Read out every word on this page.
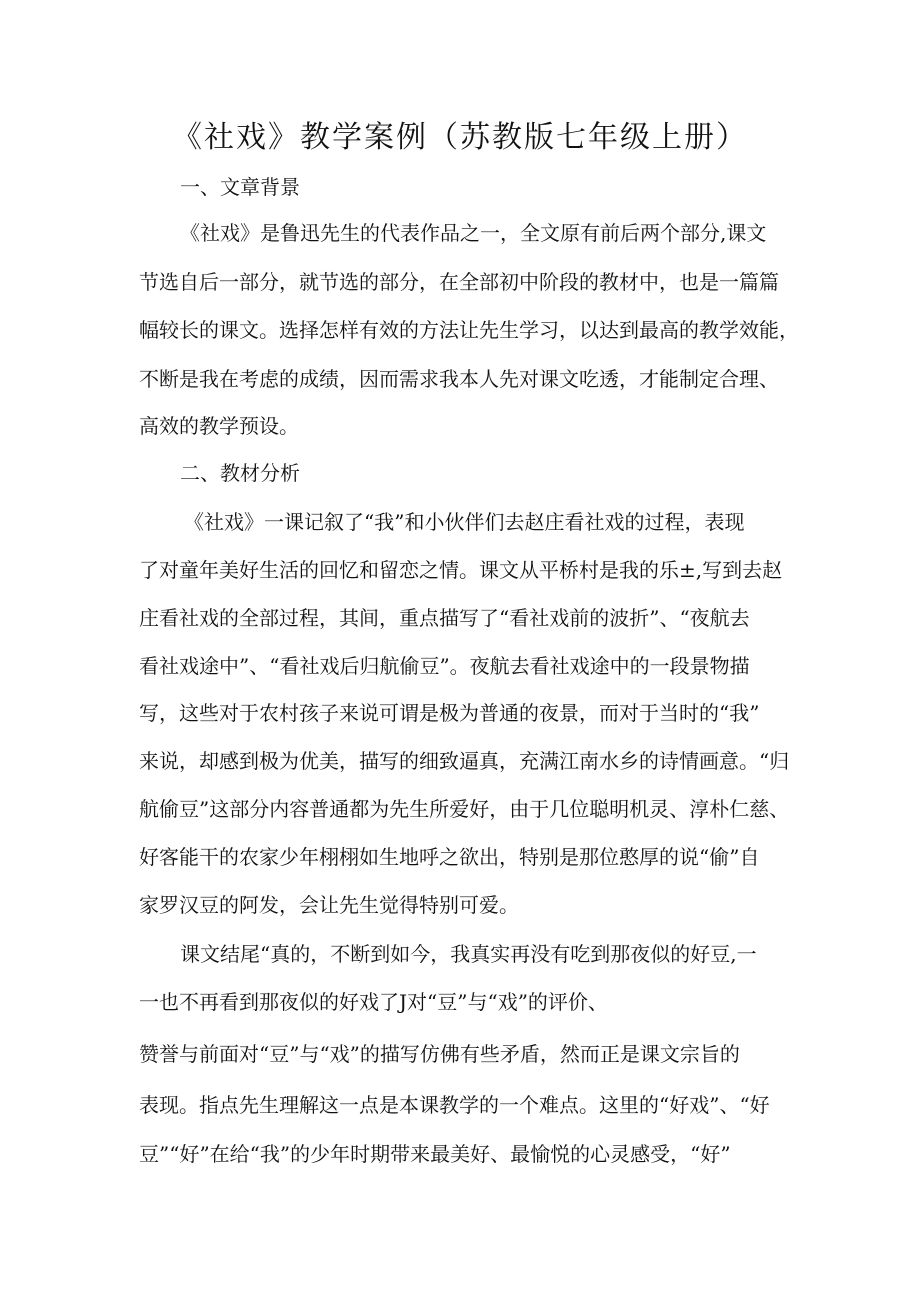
《社戏》教学案例（苏教版七年级上册）
一、文章背景
《社戏》是鲁迅先生的代表作品之一，全文原有前后两个部分,课文
节选自后一部分，就节选的部分，在全部初中阶段的教材中，也是一篇篇
幅较长的课文。选择怎样有效的方法让先生学习，以达到最高的教学效能，
不断是我在考虑的成绩，因而需求我本人先对课文吃透，才能制定合理、
高效的教学预设。
二、教材分析
《社戏》一课记叙了“我”和小伙伴们去赵庄看社戏的过程，表现
了对童年美好生活的回忆和留恋之情。课文从平桥村是我的乐±,写到去赵
庄看社戏的全部过程，其间，重点描写了“看社戏前的波折”、“夜航去
看社戏途中”、“看社戏后归航偷豆”。夜航去看社戏途中的一段景物描
写，这些对于农村孩子来说可谓是极为普通的夜景，而对于当时的“我”
来说，却感到极为优美，描写的细致逼真，充满江南水乡的诗情画意。“归
航偷豆”这部分内容普通都为先生所爱好，由于几位聪明机灵、淳朴仁慈、
好客能干的农家少年栩栩如生地呼之欲出，特别是那位憨厚的说“偷”自
家罗汉豆的阿发，会让先生觉得特别可爱。
课文结尾“真的，不断到如今，我真实再没有吃到那夜似的好豆,一
一也不再看到那夜似的好戏了J对“豆”与“戏”的评价、
赞誉与前面对“豆”与“戏”的描写仿佛有些矛盾，然而正是课文宗旨的
表现。指点先生理解这一点是本课教学的一个难点。这里的“好戏”、“好
豆”“好”在给“我”的少年时期带来最美好、最愉悦的心灵感受，“好”
